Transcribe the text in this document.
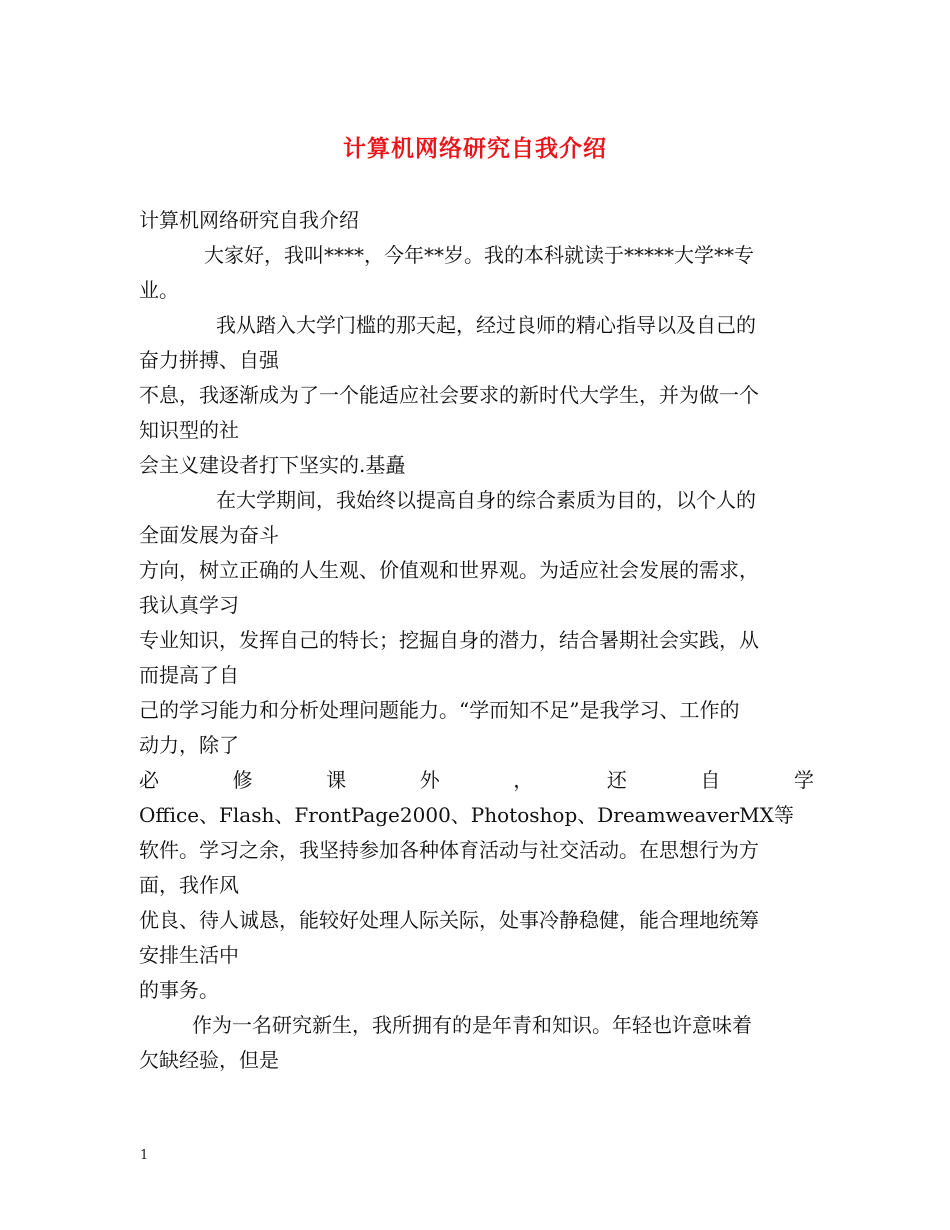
计算机网络研究自我介绍
计算机网络研究自我介绍
大家好，我叫****，今年**岁。我的本科就读于*****大学**专
业。
我从踏入大学门槛的那天起，经过良师的精心指导以及自己的
奋力拼搏、自强
不息，我逐渐成为了一个能适应社会要求的新时代大学生，并为做一个
知识型的社
会主义建设者打下坚实的.基矗
在大学期间，我始终以提高自身的综合素质为目的，以个人的
全面发展为奋斗
方向，树立正确的人生观、价值观和世界观。为适应社会发展的需求，
我认真学习
专业知识，发挥自己的特长；挖掘自身的潜力，结合暑期社会实践，从
而提高了自
己的学习能力和分析处理问题能力。“学而知不足”是我学习、工作的
动力，除了
必	修	课	外	，	还	自	学
Office、Flash、FrontPage2000、Photoshop、DreamweaverMX等
软件。学习之余，我坚持参加各种体育活动与社交活动。在思想行为方
面，我作风
优良、待人诚恳，能较好处理人际关际，处事冷静稳健，能合理地统筹
安排生活中
的事务。
作为一名研究新生，我所拥有的是年青和知识。年轻也许意味着
欠缺经验，但是
1
